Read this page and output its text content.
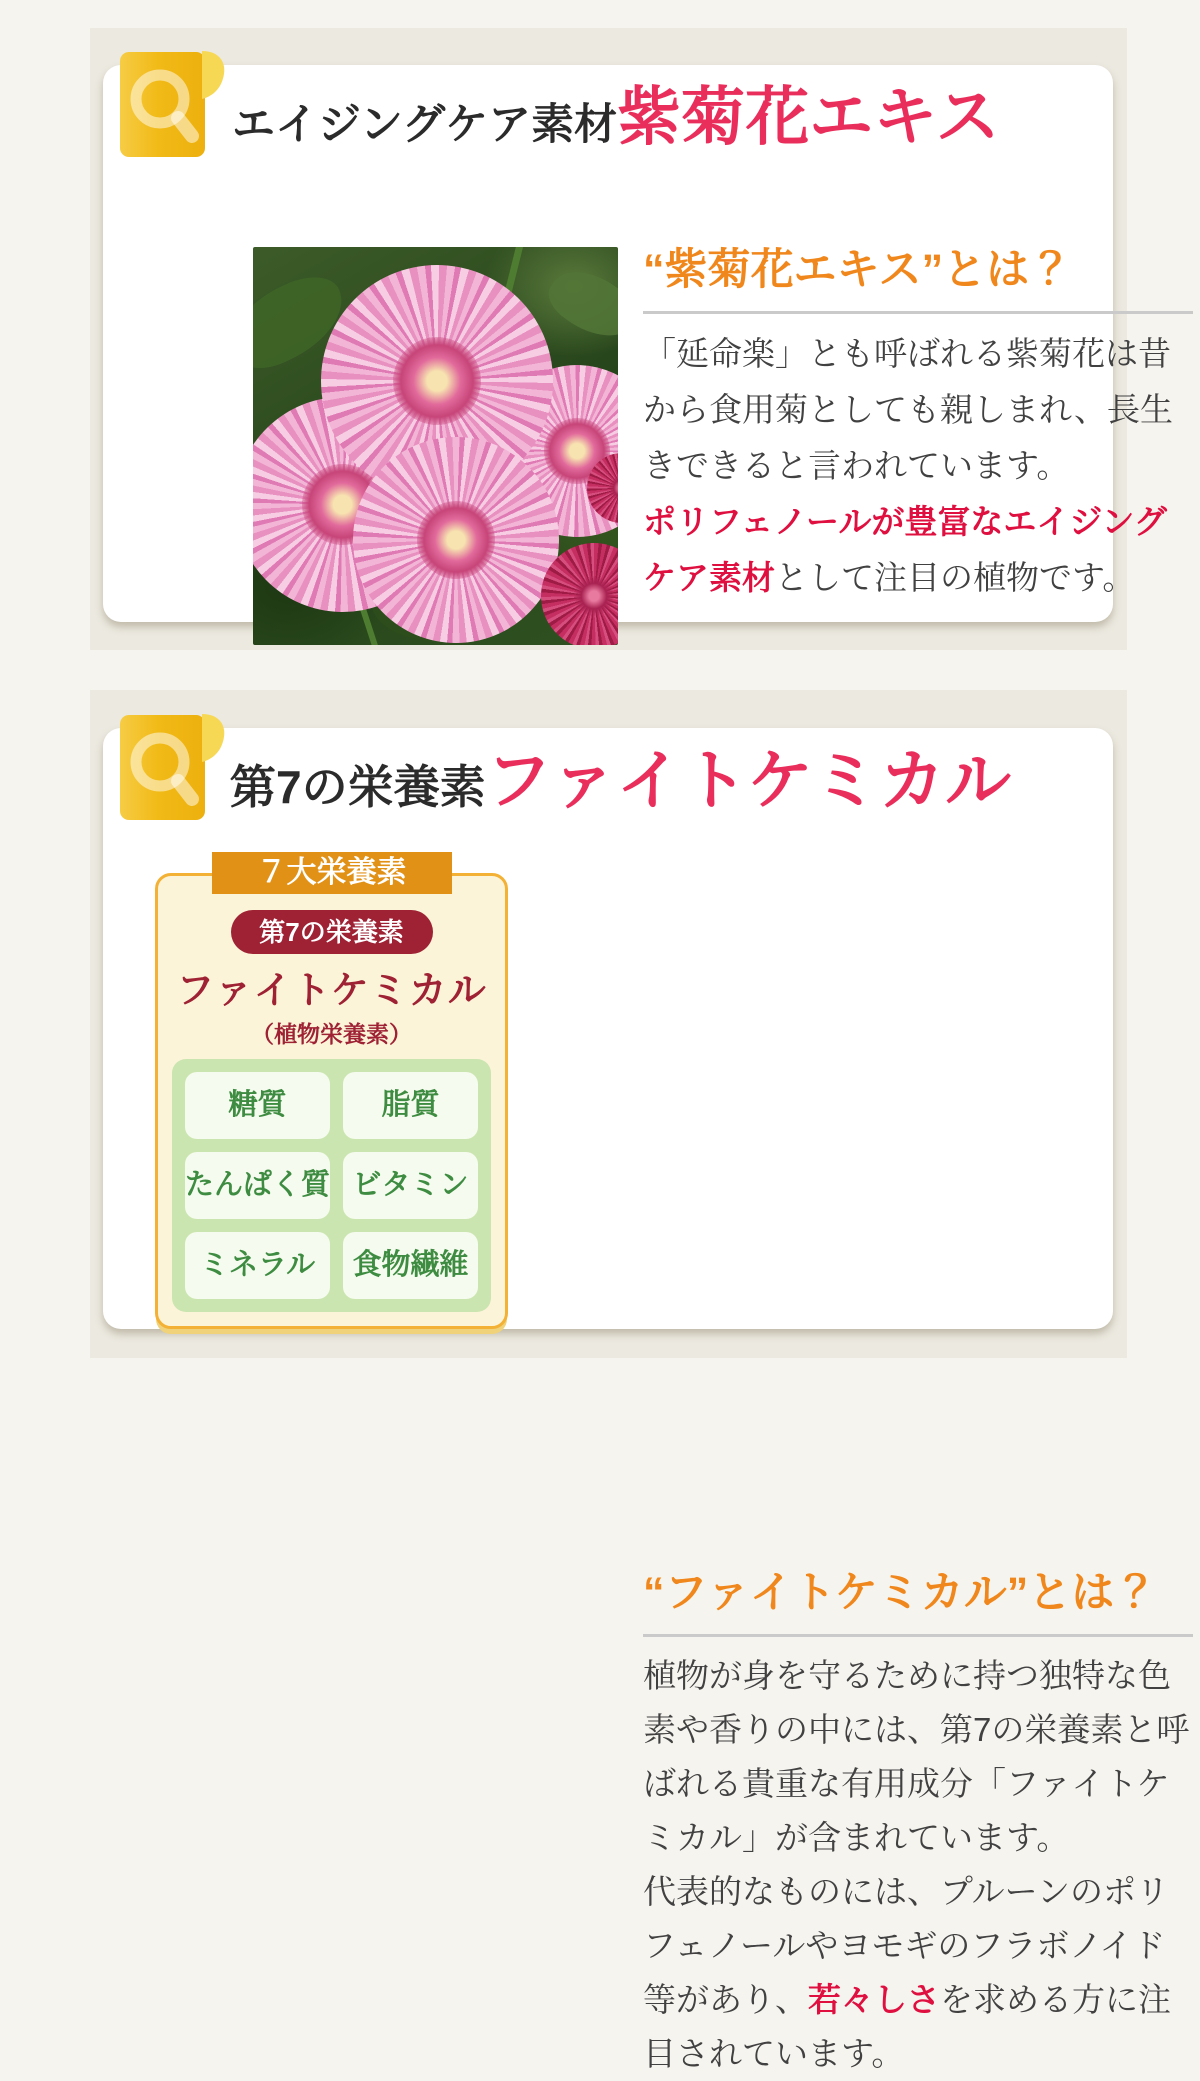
“紫菊花エキス”とは？

「延命楽」とも呼ばれる紫菊花は昔から食用菊としても親しまれ、長生きできると言われています。
ポリフェノールが豊富なエイジングケア素材として注目の植物です。

エイジングケア素材 紫菊花エキス
“ファイトケミカル”とは？

植物が身を守るために持つ独特な色素や香りの中には、第7の栄養素と呼ばれる貴重な有用成分「ファイトケミカル」が含まれています。
代表的なものには、プルーンのポリフェノールやヨモギのフラボノイド等があり、若々しさを求める方に注目されています。

７大栄養素
第7の栄養素
ファイトケミカル
（植物栄養素）
糖質	脂質
たんぱく質 ビタミン
ミネラル	食物繊維
第7の栄養素 ファイトケミカル
